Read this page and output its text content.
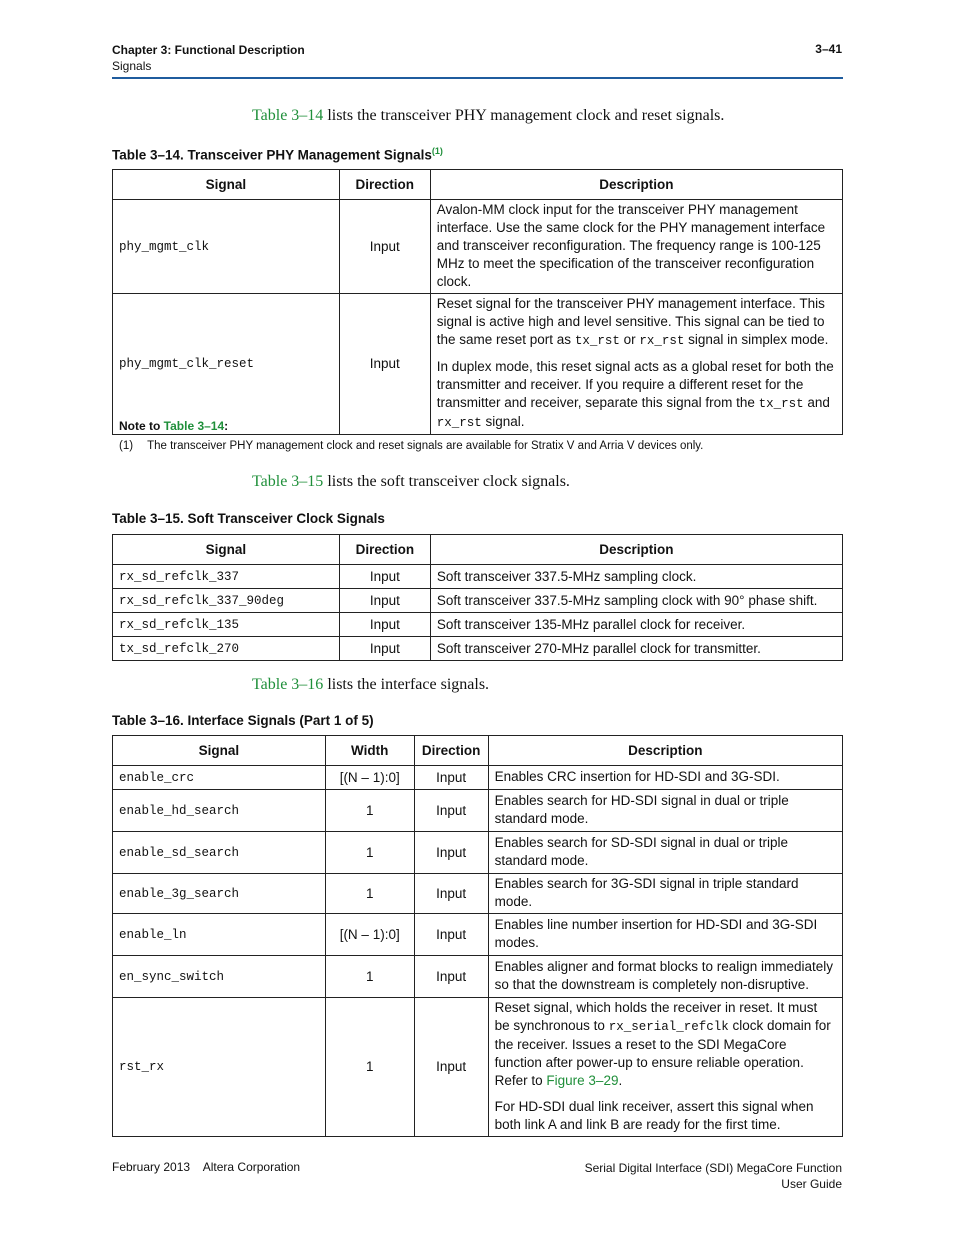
Chapter 3: Functional Description
Signals
3–41
Table 3–14 lists the transceiver PHY management clock and reset signals.
Table 3–14. Transceiver PHY Management Signals$^{(1)}$
Signal	Direction	Description
phy_mgmt_clk	Input	Avalon-MM clock input for the transceiver PHY management interface. Use the same clock for the PHY management interface and transceiver reconfiguration. The frequency range is 100-125 MHz to meet the specification of the transceiver reconfiguration clock.
phy_mgmt_clk_reset	Input	Reset signal for the transceiver PHY management interface. This signal is active high and level sensitive. This signal can be tied to the same reset port as tx_rst or rx_rst signal in simplex mode.

In duplex mode, this reset signal acts as a global reset for both the transmitter and receiver. If you require a different reset for the transmitter and receiver, separate this signal from the tx_rst and rx_rst signal.

Note to Table 3–14:
(1) The transceiver PHY management clock and reset signals are available for Stratix V and Arria V devices only.
Table 3–15 lists the soft transceiver clock signals.
Table 3–15. Soft Transceiver Clock Signals
Signal	Direction	Description
rx_sd_refclk_337	Input	Soft transceiver 337.5-MHz sampling clock.
rx_sd_refclk_337_90deg	Input	Soft transceiver 337.5-MHz sampling clock with 90° phase shift.
rx_sd_refclk_135	Input	Soft transceiver 135-MHz parallel clock for receiver.
tx_sd_refclk_270	Input	Soft transceiver 270-MHz parallel clock for transmitter.
Table 3–16 lists the interface signals.
Table 3–16. Interface Signals (Part 1 of 5)
Signal	Width	Direction	Description
enable_crc	[(N – 1):0]	Input	Enables CRC insertion for HD-SDI and 3G-SDI.
enable_hd_search	1	Input	Enables search for HD-SDI signal in dual or triple standard mode.
enable_sd_search	1	Input	Enables search for SD-SDI signal in dual or triple standard mode.
enable_3g_search	1	Input	Enables search for 3G-SDI signal in triple standard mode.
enable_ln	[(N – 1):0]	Input	Enables line number insertion for HD-SDI and 3G-SDI modes.
en_sync_switch	1	Input	Enables aligner and format blocks to realign immediately so that the downstream is completely non-disruptive.
rst_rx	1	Input	Reset signal, which holds the receiver in reset. It must be synchronous to rx_serial_refclk clock domain for the receiver. Issues a reset to the SDI MegaCore function after power-up to ensure reliable operation. Refer to Figure 3–29.

For HD-SDI dual link receiver, assert this signal when both link A and link B are ready for the first time.

February 2013    Altera Corporation	Serial Digital Interface (SDI) MegaCore Function
User Guide
